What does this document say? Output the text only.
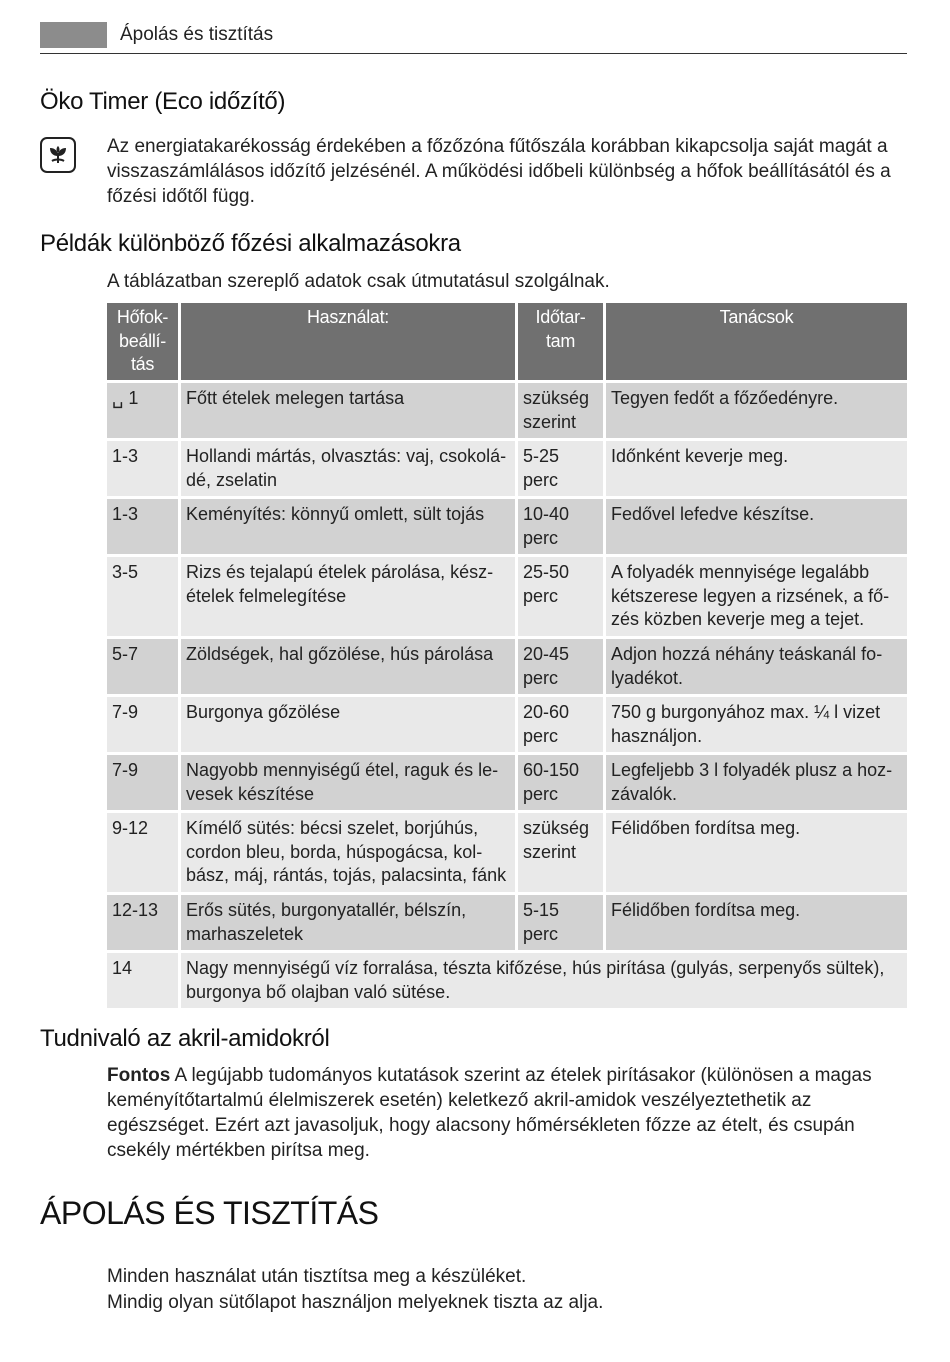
Ápolás és tisztítás
Öko Timer (Eco időzítő)

Az energiatakarékosság érdekében a főzőzóna fűtőszála korábban kikapcsolja saját magát a visszaszámlálásos időzítő jelzésénél. A működési időbeli különbség a hőfok beállításától és a főzési időtől függ.

Példák különböző főzési alkalmazásokra

A táblázatban szereplő adatok csak útmutatásul szolgálnak.

Hőfok-beállí-tás	Használat:	Időtar-tam	Tanácsok
␣ 1	Főtt ételek melegen tartása	szükség szerint	Tegyen fedőt a főzőedényre.
1-3	Hollandi mártás, olvasztás: vaj, csokolá-dé, zselatin	5-25 perc	Időnként keverje meg.
1-3	Keményítés: könnyű omlett, sült tojás	10-40 perc	Fedővel lefedve készítse.
3-5	Rizs és tejalapú ételek párolása, kész-ételek felmelegítése	25-50 perc	A folyadék mennyisége legalább kétszerese legyen a rizsének, a fő-zés közben keverje meg a tejet.
5-7	Zöldségek, hal gőzölése, hús párolása	20-45 perc	Adjon hozzá néhány teáskanál fo-lyadékot.
7-9	Burgonya gőzölése	20-60 perc	750 g burgonyához max. ¼ l vizet használjon.
7-9	Nagyobb mennyiségű étel, raguk és le-vesek készítése	60-150 perc	Legfeljebb 3 l folyadék plusz a hoz-závalók.
9-12	Kímélő sütés: bécsi szelet, borjúhús, cordon bleu, borda, húspogácsa, kol-bász, máj, rántás, tojás, palacsinta, fánk	szükség szerint	Félidőben fordítsa meg.
12-13	Erős sütés, burgonyatallér, bélszín, marhaszeletek	5-15 perc	Félidőben fordítsa meg.
14	Nagy mennyiségű víz forralása, tészta kifőzése, hús pirítása (gulyás, serpenyős sültek), burgonya bő olajban való sütése.		
Tudnivaló az akril-amidokról

Fontos A legújabb tudományos kutatások szerint az ételek pirításakor (különösen a magas keményítőtartalmú élelmiszerek esetén) keletkező akril-amidok veszélyeztethetik az egészséget. Ezért azt javasoljuk, hogy alacsony hőmérsékleten főzze az ételt, és csupán csekély mértékben pirítsa meg.

ÁPOLÁS ÉS TISZTÍTÁS

Minden használat után tisztítsa meg a készüléket.

Mindig olyan sütőlapot használjon melyeknek tiszta az alja.
